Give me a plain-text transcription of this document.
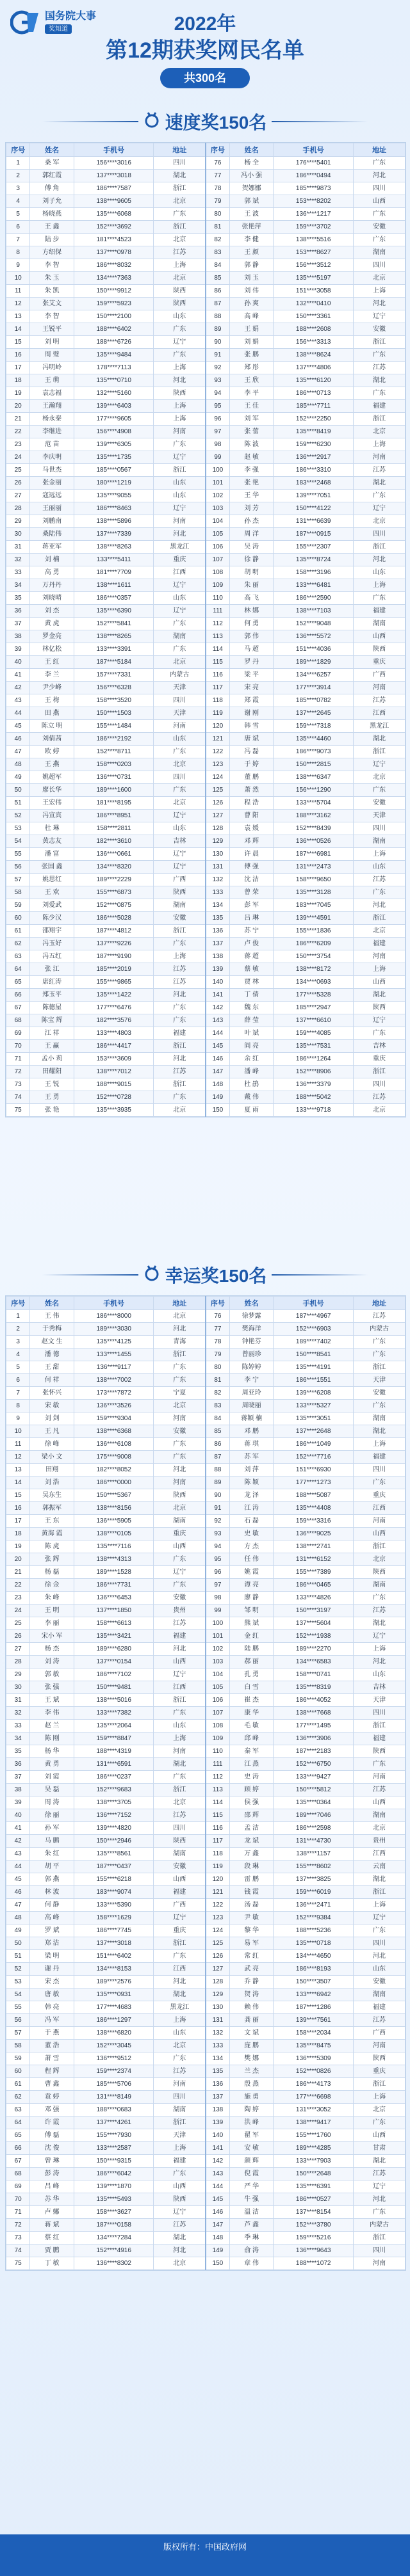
国务院大事
奖知道	2022年
第12期获奖网民名单
共300名
速度奖150名
序号	姓名	手机号	地址	序号	姓名	手机号	地址
1	桑 军	156****3016	四川	76	杨 全	176****5401	广东
2	郭红霞	137****3018	湖北	77	冯小 强	186****0494	河北
3	傅 角	186****7587	浙江	78	贺娜娜	185****9873	四川
4	刘子允	138****9605	北京	79	郭 斌	153****8202	山西
5	杨晓燕	135****6068	广东	80	王 波	136****1217	广东
6	王 鑫	152****3692	浙江	81	张艳萍	159****3702	安徽
7	陆 步	181****4523	北京	82	李 健	138****5516	广东
8	方绍保	137****0978	江苏	83	王 颜	153****8627	湖南
9	李 智	186****8032	上海	84	郭 静	156****3512	四川
10	朱 玉	134****7363	北京	85	刘 玉	135****5197	北京
11	朱 凯	150****9912	陕西	86	刘 伟	151****3058	上海
12	张艾文	159****5923	陕西	87	孙 爽	132****0410	河北
13	李 智	150****2100	山东	88	高 峰	150****3361	辽宁
14	王锐平	188****6402	广东	89	王 娟	188****2608	安徽
15	刘 明	188****6726	辽宁	90	刘 娟	156****3313	浙江
16	周 璧	135****9484	广东	91	张 鹏	138****8624	广东
17	冯明岭	178****7113	上海	92	郑 彤	137****4806	江苏
18	王 萌	135****0710	河北	93	王 欣	135****6120	湖北
19	袁志福	132****5160	陕西	94	李 平	186****0713	广东
20	王瀚翔	139****6403	上海	95	王 佳	185****7711	福建
21	杨永秦	177****9605	上海	96	刘 军	152****2250	浙江
22	李继进	156****4908	河南	97	张 蕾	135****8419	北京
23	范 苗	139****6305	广东	98	陈 波	159****6230	上海
24	李庆明	135****1735	辽宁	99	赵 敏	136****2917	河南
25	马世杰	185****0567	浙江	100	李 强	186****3310	江苏
26	张金丽	180****1219	山东	101	张 艳	183****2468	湖北
27	寇远远	135****9055	山东	102	王 华	139****7051	广东
28	王丽丽	186****8463	辽宁	103	刘 芳	150****4122	辽宁
29	刘鹏南	138****5896	河南	104	孙 杰	131****6639	北京
30	桑陆伟	137****7339	河北	105	周 洋	187****0915	四川
31	蒋亚军	138****8263	黑龙江	106	吴 涛	155****2307	浙江
32	刘 楠	133****5411	重庆	107	徐 静	135****8724	河北
33	高 勇	181****7709	江西	108	胡 明	158****3196	山东
34	万丹丹	138****1611	辽宁	109	朱 丽	133****6481	上海
35	刘晓晴	186****0357	山东	110	高 飞	186****2590	广东
36	刘 杰	135****6390	辽宁	111	林 娜	138****7103	福建
37	黄 虎	152****5841	广东	112	何 勇	152****9048	湖南
38	罗金亮	138****8265	湖南	113	郭 伟	136****5572	山西
39	林亿松	133****3391	广东	114	马 超	151****4036	陕西
40	王 红	187****5184	北京	115	罗 丹	189****1829	重庆
41	李 兰	157****7331	内蒙古	116	梁 平	134****6257	广西
42	尹少峰	156****6328	天津	117	宋 亮	177****3914	河南
43	王 梅	158****3520	四川	118	郑 霞	185****0782	江苏
44	田 燕	150****1503	天津	119	谢 刚	137****2645	江西
45	陈立 明	155****1484	河南	120	韩 雪	159****7318	黑龙江
46	刘倩茜	186****2192	山东	121	唐 斌	135****4460	湖北
47	欧 婷	152****8711	广东	122	冯 磊	186****9073	浙江
48	王 燕	158****0203	北京	123	于 婷	150****2815	辽宁
49	姚超军	136****0731	四川	124	董 鹏	138****6347	北京
50	廖长华	189****1600	广东	125	萧 然	156****1290	广东
51	王宏伟	181****8195	北京	126	程 浩	133****5704	安徽
52	冯宣宾	186****8951	辽宁	127	曹 阳	188****3162	天津
53	杜 琳	158****2811	山东	128	袁 媛	152****8439	四川
54	黄志友	182****3610	吉林	129	邓 辉	136****0526	湖南
55	潘 富	136****0661	辽宁	130	许 晨	187****6981	上海
56	张国 鑫	134****8320	辽宁	131	傅 强	131****2473	山东
57	姚思红	189****2229	广西	132	沈 洁	158****9650	江苏
58	王 欢	155****6873	陕西	133	曾 荣	135****3128	广东
59	刘爱武	152****0875	湖南	134	彭 军	183****7045	河北
60	陈少汉	186****5028	安徽	135	吕 琳	139****4591	浙江
61	邵翔宇	187****4812	浙江	136	苏 宁	155****1836	北京
62	冯玉好	137****9226	广东	137	卢 俊	186****6209	福建
63	冯五红	187****9190	上海	138	蒋 超	150****3754	河南
64	张 江	185****2019	江苏	139	蔡 敏	138****8172	上海
65	席红涛	155****9865	江苏	140	贾 林	134****0693	山西
66	郑玉平	135****1422	河北	141	丁 倩	177****5328	湖北
67	陈德屋	177****6476	广东	142	魏 东	185****2947	陕西
68	陈宝 辉	182****3576	广东	143	薛 莹	137****6610	辽宁
69	江 祥	133****4803	福建	144	叶 斌	159****4085	广东
70	王 赢	186****4417	浙江	145	阎 亮	135****7531	吉林
71	孟小 莉	153****3609	河北	146	余 红	186****1264	重庆
72	田耀阳	138****7012	江苏	147	潘 峰	152****8906	浙江
73	王 锐	188****9015	浙江	148	杜 鹃	136****3379	四川
74	王 勇	152****0728	广东	149	戴 伟	188****5042	江苏
75	张 艳	135****3935	北京	150	夏 雨	133****9718	北京
幸运奖150名
序号	姓名	手机号	地址	序号	姓名	手机号	地址
1	王 伟	186****8000	北京	76	徐梦露	187****4967	江苏
2	于秀梅	189****3030	河北	77	樊海洋	152****6903	内蒙古
3	赵文 生	135****4125	青海	78	钟艳芬	189****7402	广东
4	潘 德	133****1455	浙江	79	曾丽珍	150****8541	广东
5	王 甜	136****9117	广东	80	陈婷婷	135****4191	浙江
6	何 祥	138****7002	广东	81	李 宁	186****1551	天津
7	张怀兴	173****7872	宁夏	82	周亚玲	139****6208	安徽
8	宋 敏	136****3526	北京	83	周晓丽	133****5327	广东
9	刘 剑	159****9304	河南	84	蒋颖 楠	135****3051	湖南
10	王 凡	138****6368	安徽	85	邓 鹏	137****2648	湖北
11	徐 峰	136****6108	广东	86	蒋 琪	186****1049	上海
12	梁小 文	175****9008	广东	87	苏 军	152****7716	福建
13	田翔	182****8052	河北	88	刘 萍	151****6930	四川
14	刘 浩	186****0000	河南	89	陈 颖	177****1273	广东
15	吴东生	150****5367	陕西	90	龙 泽	188****5087	重庆
16	郭振军	138****8156	北京	91	江 涛	135****4408	江西
17	王 东	136****5905	湖南	92	石 磊	159****3316	河南
18	黄海 霞	138****0105	重庆	93	史 敏	136****9025	山西
19	陈 虎	135****7116	山西	94	方 杰	138****2741	浙江
20	张 辉	138****4313	广东	95	任 伟	131****6152	北京
21	杨 磊	189****1528	辽宁	96	姚 霞	155****7389	陕西
22	徐 金	186****7731	广东	97	谭 亮	186****0465	湖南
23	朱 峰	136****6453	安徽	98	廖 静	133****4826	广东
24	王 明	137****1850	贵州	99	邹 明	150****3197	江苏
25	李 丽	158****6613	江苏	100	熊 斌	137****5604	湖北
26	宋小 军	135****3421	福建	101	金 红	152****1938	辽宁
27	杨 杰	189****6280	河北	102	陆 鹏	189****2270	上海
28	刘 涛	137****0154	山西	103	郝 丽	134****6583	河北
29	郭 敏	186****7102	辽宁	104	孔 勇	158****0741	山东
30	张 强	150****9481	江西	105	白 雪	135****8319	吉林
31	王 斌	138****5016	浙江	106	崔 杰	186****4052	天津
32	李 伟	133****7382	广东	107	康 华	138****7668	四川
33	赵 兰	135****2064	山东	108	毛 敏	177****1495	浙江
34	陈 刚	159****8847	上海	109	邱 峰	136****3906	福建
35	杨 华	188****4319	河南	110	秦 军	187****2183	陕西
36	黄 勇	131****6591	湖北	111	江 燕	152****6750	广东
37	刘 霞	186****0237	广东	112	史 涛	133****9427	河南
38	吴 磊	152****9683	浙江	113	顾 婷	150****5812	江苏
39	周 涛	138****3705	北京	114	侯 强	135****0364	山西
40	徐 丽	136****7152	江苏	115	邵 辉	189****7046	湖南
41	孙 军	139****4820	四川	116	孟 洁	186****2598	北京
42	马 鹏	150****2946	陕西	117	龙 斌	131****4730	贵州
43	朱 红	135****8561	湖南	118	万 鑫	138****1157	江西
44	胡 平	187****0437	安徽	119	段 琳	155****8602	云南
45	郭 燕	155****6218	山西	120	雷 鹏	137****3825	湖北
46	林 波	183****9074	福建	121	钱 霞	159****6019	浙江
47	何 静	133****5390	广西	122	汤 磊	136****2471	上海
48	高 峰	158****1629	辽宁	123	尹 敏	152****9384	辽宁
49	罗 斌	186****7745	重庆	124	黎 华	188****5236	广东
50	郑 洁	137****3018	浙江	125	易 军	135****0718	四川
51	梁 明	151****6402	广东	126	常 红	134****4650	河北
52	谢 丹	134****8153	江西	127	武 亮	186****8193	山东
53	宋 杰	189****2576	河北	128	乔 静	150****3507	安徽
54	唐 敏	135****0931	湖北	129	贺 涛	133****6942	湖南
55	韩 亮	177****4683	黑龙江	130	赖 伟	187****1286	福建
56	冯 军	186****1297	上海	131	龚 丽	139****7561	江苏
57	于 燕	138****6820	山东	132	文 斌	158****2034	广西
58	董 浩	152****3045	北京	133	庞 鹏	135****8475	河南
59	萧 雪	136****9512	广东	134	樊 娜	136****5309	陕西
60	程 辉	159****2374	江苏	135	兰 杰	152****0826	重庆
61	曹 鑫	185****5706	河南	136	殷 燕	186****4173	浙江
62	袁 婷	131****8149	四川	137	施 勇	177****6698	上海
63	邓 强	188****0683	湖南	138	陶 婷	131****3052	北京
64	许 霞	137****4261	浙江	139	洪 峰	138****9417	广东
65	傅 磊	155****7930	天津	140	翟 军	155****1760	山西
66	沈 俊	133****2587	上海	141	安 敏	189****4285	甘肃
67	曾 琳	150****9315	福建	142	颜 辉	133****7903	湖北
68	彭 涛	186****6042	广东	143	倪 霞	150****2648	江苏
69	吕 峰	139****1870	山西	144	严 华	135****6391	辽宁
70	苏 华	135****5493	陕西	145	牛 强	186****0527	河北
71	卢 娜	158****3627	辽宁	146	温 洁	137****8154	广东
72	蒋 斌	187****0158	江苏	147	芦 鑫	152****3780	内蒙古
73	蔡 红	134****7284	湖北	148	季 琳	159****5216	浙江
74	贾 鹏	152****4916	河北	149	俞 涛	136****9643	四川
75	丁 敏	136****8302	北京	150	章 伟	188****1072	河南
版权所有：中国政府网
